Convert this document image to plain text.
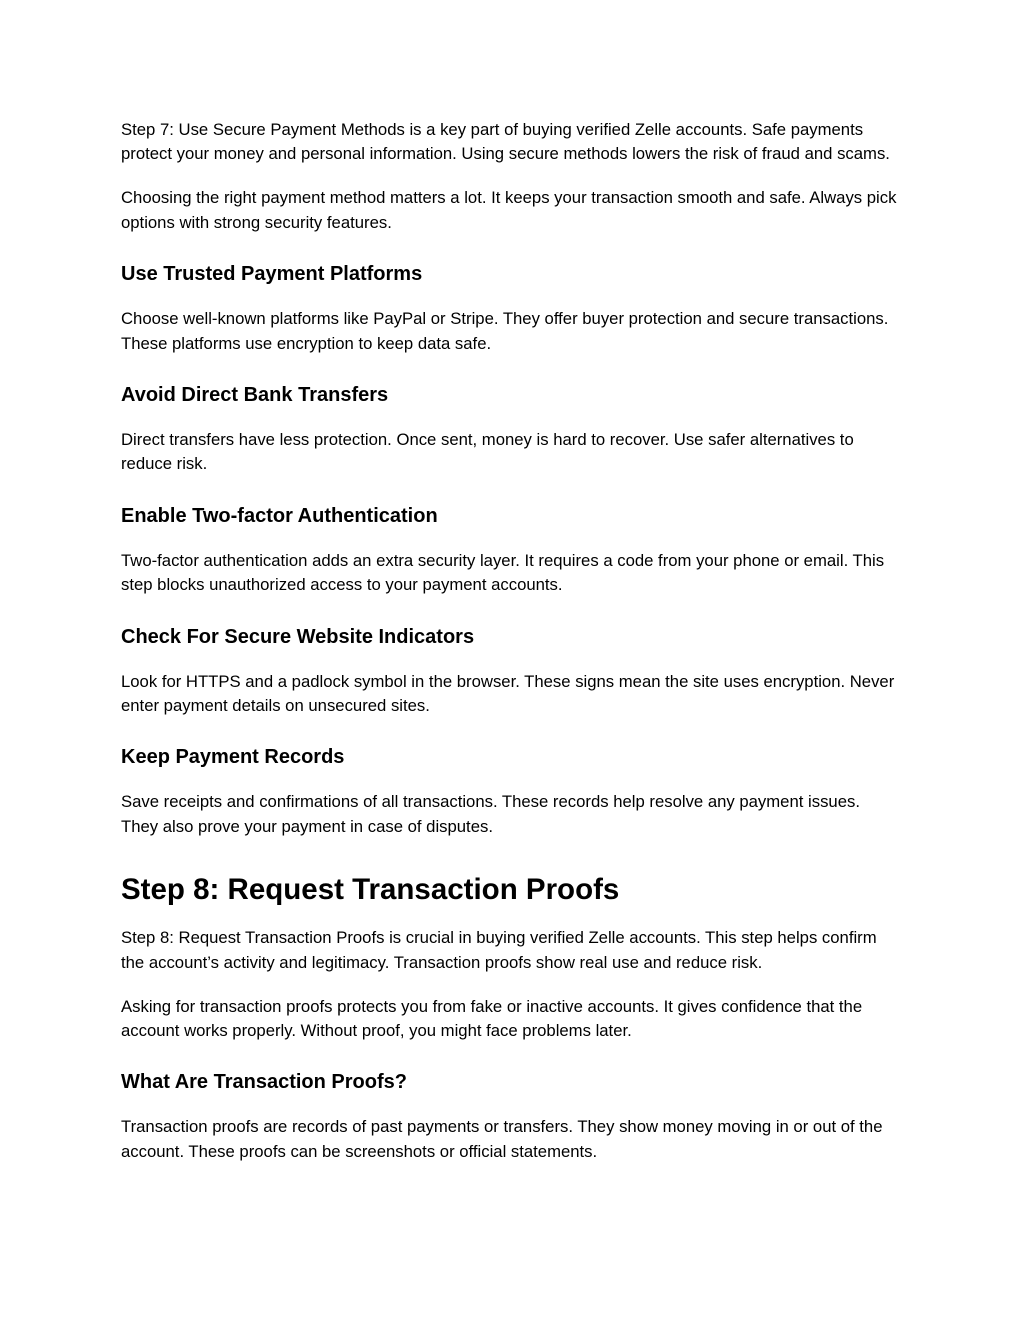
Step 7: Use Secure Payment Methods is a key part of buying verified Zelle accounts. Safe payments protect your money and personal information. Using secure methods lowers the risk of fraud and scams.

Choosing the right payment method matters a lot. It keeps your transaction smooth and safe. Always pick options with strong security features.

Use Trusted Payment Platforms

Choose well-known platforms like PayPal or Stripe. They offer buyer protection and secure transactions. These platforms use encryption to keep data safe.

Avoid Direct Bank Transfers

Direct transfers have less protection. Once sent, money is hard to recover. Use safer alternatives to reduce risk.

Enable Two-factor Authentication

Two-factor authentication adds an extra security layer. It requires a code from your phone or email. This step blocks unauthorized access to your payment accounts.

Check For Secure Website Indicators

Look for HTTPS and a padlock symbol in the browser. These signs mean the site uses encryption. Never enter payment details on unsecured sites.

Keep Payment Records

Save receipts and confirmations of all transactions. These records help resolve any payment issues. They also prove your payment in case of disputes.

Step 8: Request Transaction Proofs

Step 8: Request Transaction Proofs is crucial in buying verified Zelle accounts. This step helps confirm the account’s activity and legitimacy. Transaction proofs show real use and reduce risk.

Asking for transaction proofs protects you from fake or inactive accounts. It gives confidence that the account works properly. Without proof, you might face problems later.

What Are Transaction Proofs?

Transaction proofs are records of past payments or transfers. They show money moving in or out of the account. These proofs can be screenshots or official statements.
